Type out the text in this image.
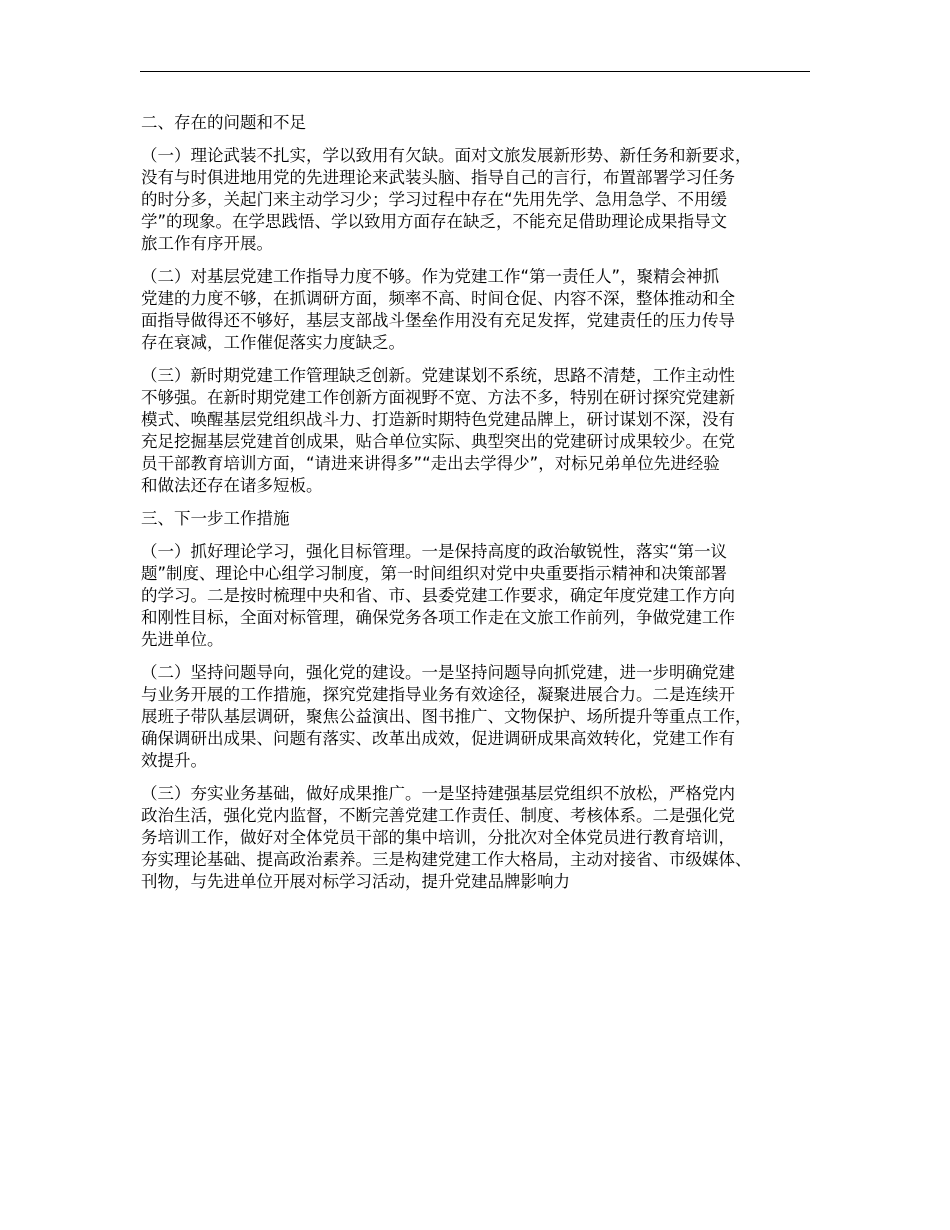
二、存在的问题和不足
（一）理论武装不扎实，学以致用有欠缺。面对文旅发展新形势、新任务和新要求，
没有与时俱进地用党的先进理论来武装头脑、指导自己的言行，布置部署学习任务
的时分多，关起门来主动学习少；学习过程中存在“先用先学、急用急学、不用缓
学”的现象。在学思践悟、学以致用方面存在缺乏，不能充足借助理论成果指导文
旅工作有序开展。
（二）对基层党建工作指导力度不够。作为党建工作“第一责任人”，聚精会神抓
党建的力度不够，在抓调研方面，频率不高、时间仓促、内容不深，整体推动和全
面指导做得还不够好，基层支部战斗堡垒作用没有充足发挥，党建责任的压力传导
存在衰减，工作催促落实力度缺乏。
（三）新时期党建工作管理缺乏创新。党建谋划不系统，思路不清楚，工作主动性
不够强。在新时期党建工作创新方面视野不宽、方法不多，特别在研讨探究党建新
模式、唤醒基层党组织战斗力、打造新时期特色党建品牌上，研讨谋划不深，没有
充足挖掘基层党建首创成果，贴合单位实际、典型突出的党建研讨成果较少。在党
员干部教育培训方面，“请进来讲得多”“走出去学得少”，对标兄弟单位先进经验
和做法还存在诸多短板。
三、下一步工作措施
（一）抓好理论学习，强化目标管理。一是保持高度的政治敏锐性，落实“第一议
题”制度、理论中心组学习制度，第一时间组织对党中央重要指示精神和决策部署
的学习。二是按时梳理中央和省、市、县委党建工作要求，确定年度党建工作方向
和刚性目标，全面对标管理，确保党务各项工作走在文旅工作前列，争做党建工作
先进单位。
（二）坚持问题导向，强化党的建设。一是坚持问题导向抓党建，进一步明确党建
与业务开展的工作措施，探究党建指导业务有效途径，凝聚进展合力。二是连续开
展班子带队基层调研，聚焦公益演出、图书推广、文物保护、场所提升等重点工作，
确保调研出成果、问题有落实、改革出成效，促进调研成果高效转化，党建工作有
效提升。
（三）夯实业务基础，做好成果推广。一是坚持建强基层党组织不放松，严格党内
政治生活，强化党内监督，不断完善党建工作责任、制度、考核体系。二是强化党
务培训工作，做好对全体党员干部的集中培训，分批次对全体党员进行教育培训，
夯实理论基础、提高政治素养。三是构建党建工作大格局，主动对接省、市级媒体、
刊物，与先进单位开展对标学习活动，提升党建品牌影响力
